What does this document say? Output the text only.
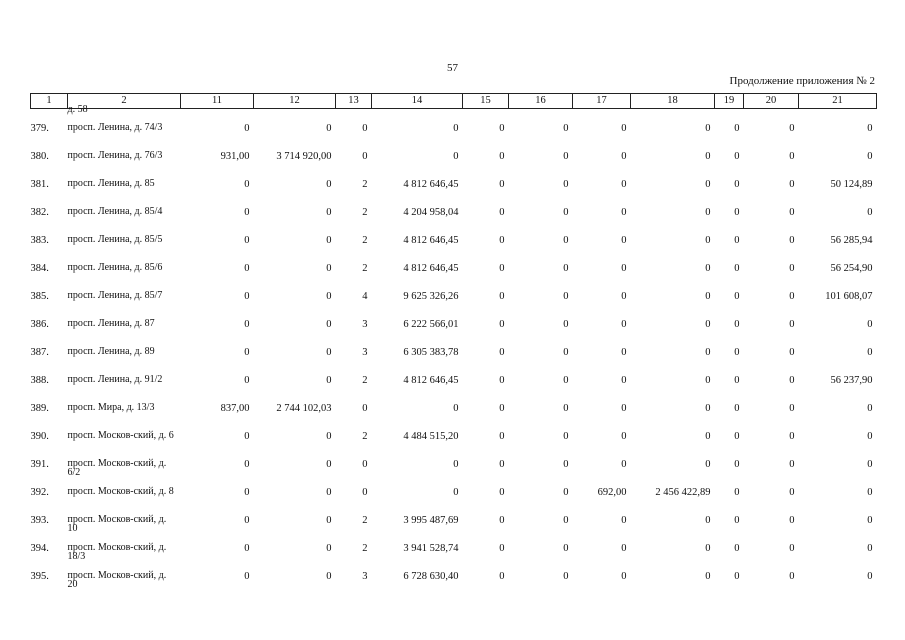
57
Продолжение приложения № 2
1	2	11	12	13	14	15	16	17	18	19	20	21
	д. 58											
379.	просп. Ленина, д. 74/3	0	0	0	0	0	0	0	0	0	0	0
380.	просп. Ленина, д. 76/3	931,00	3 714 920,00	0	0	0	0	0	0	0	0	0
381.	просп. Ленина, д. 85	0	0	2	4 812 646,45	0	0	0	0	0	0	50 124,89
382.	просп. Ленина, д. 85/4	0	0	2	4 204 958,04	0	0	0	0	0	0	0
383.	просп. Ленина, д. 85/5	0	0	2	4 812 646,45	0	0	0	0	0	0	56 285,94
384.	просп. Ленина, д. 85/6	0	0	2	4 812 646,45	0	0	0	0	0	0	56 254,90
385.	просп. Ленина, д. 85/7	0	0	4	9 625 326,26	0	0	0	0	0	0	101 608,07
386.	просп. Ленина, д. 87	0	0	3	6 222 566,01	0	0	0	0	0	0	0
387.	просп. Ленина, д. 89	0	0	3	6 305 383,78	0	0	0	0	0	0	0
388.	просп. Ленина, д. 91/2	0	0	2	4 812 646,45	0	0	0	0	0	0	56 237,90
389.	просп. Мира, д. 13/3	837,00	2 744 102,03	0	0	0	0	0	0	0	0	0
390.	просп. Москов-ский, д. 6	0	0	2	4 484 515,20	0	0	0	0	0	0	0
391.	просп. Москов-ский, д. 6/2	0	0	0	0	0	0	0	0	0	0	0
392.	просп. Москов-ский, д. 8	0	0	0	0	0	0	692,00	2 456 422,89	0	0	0
393.	просп. Москов-ский, д. 10	0	0	2	3 995 487,69	0	0	0	0	0	0	0
394.	просп. Москов-ский, д. 18/3	0	0	2	3 941 528,74	0	0	0	0	0	0	0
395.	просп. Москов-ский, д. 20	0	0	3	6 728 630,40	0	0	0	0	0	0	0
